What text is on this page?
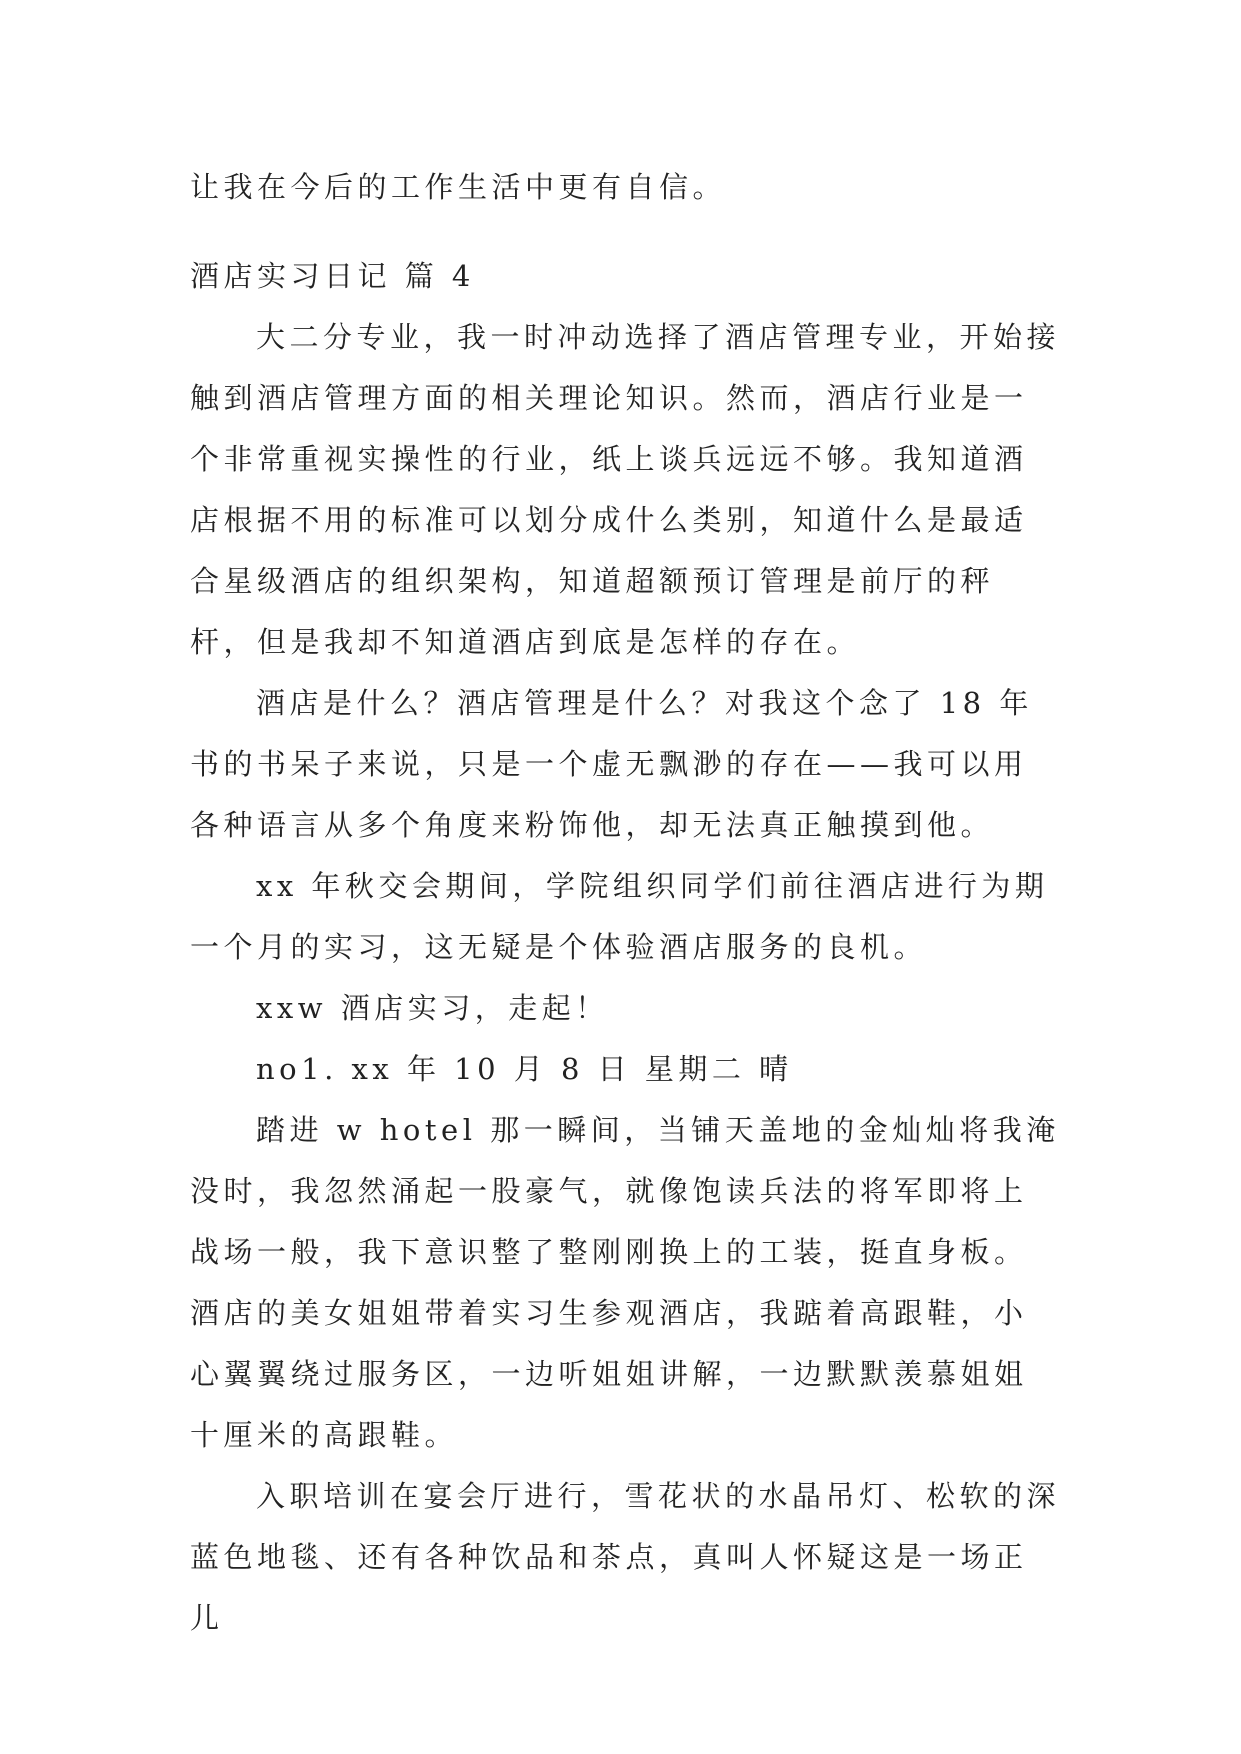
让我在今后的工作生活中更有自信。

酒店实习日记 篇 4

大二分专业，我一时冲动选择了酒店管理专业，开始接触到酒店管理方面的相关理论知识。然而，酒店行业是一个非常重视实操性的行业，纸上谈兵远远不够。我知道酒店根据不用的标准可以划分成什么类别，知道什么是最适合星级酒店的组织架构，知道超额预订管理是前厅的秤杆，但是我却不知道酒店到底是怎样的存在。

酒店是什么？酒店管理是什么？对我这个念了 18 年书的书呆子来说，只是一个虚无飘渺的存在——我可以用各种语言从多个角度来粉饰他，却无法真正触摸到他。

xx 年秋交会期间，学院组织同学们前往酒店进行为期一个月的实习，这无疑是个体验酒店服务的良机。

xxw 酒店实习，走起！

no1. xx 年 10 月 8 日 星期二 晴

踏进 w hotel 那一瞬间，当铺天盖地的金灿灿将我淹没时，我忽然涌起一股豪气，就像饱读兵法的将军即将上战场一般，我下意识整了整刚刚换上的工装，挺直身板。酒店的美女姐姐带着实习生参观酒店，我踮着高跟鞋，小心翼翼绕过服务区，一边听姐姐讲解，一边默默羡慕姐姐十厘米的高跟鞋。

入职培训在宴会厅进行，雪花状的水晶吊灯、松软的深蓝色地毯、还有各种饮品和茶点，真叫人怀疑这是一场正儿
